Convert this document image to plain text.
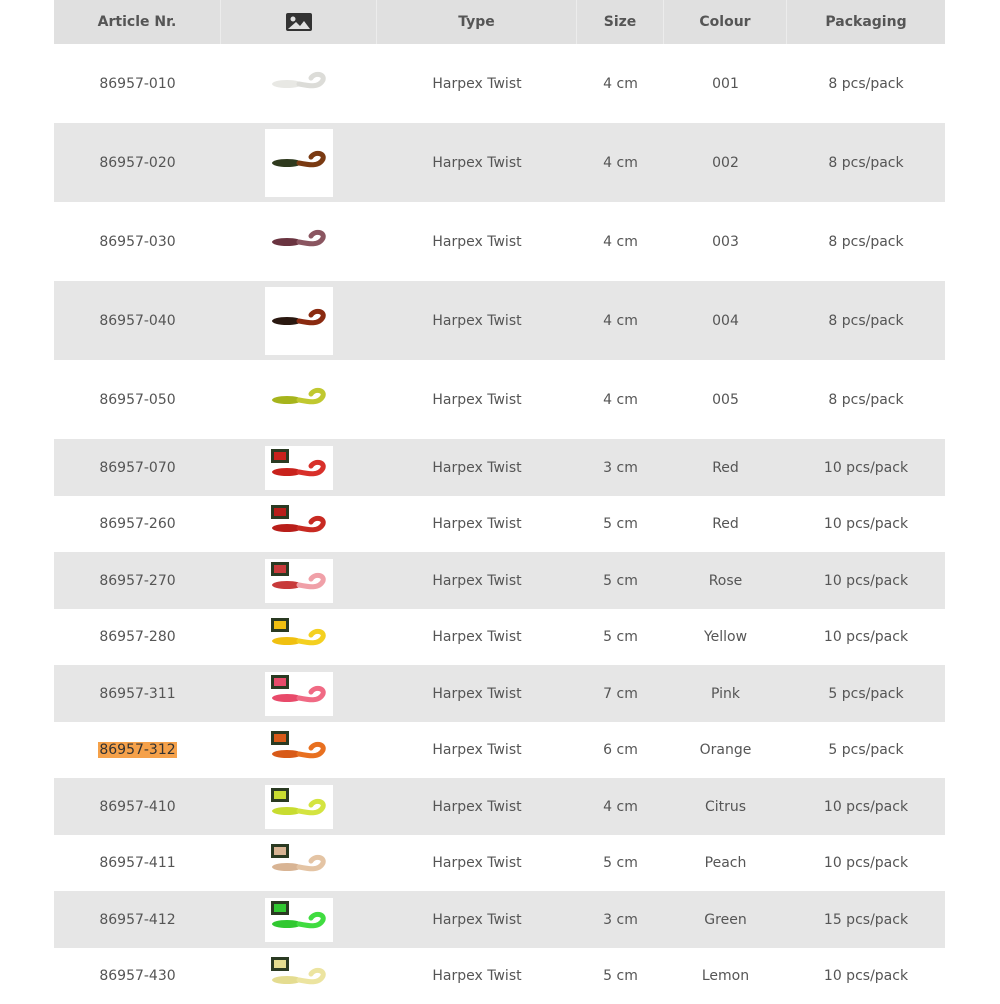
Article Nr.	Type	Size	Colour	Packaging
86957-010	Harpex Twist	4 cm	001	8 pcs/pack
86957-020	Harpex Twist	4 cm	002	8 pcs/pack
86957-030	Harpex Twist	4 cm	003	8 pcs/pack
86957-040	Harpex Twist	4 cm	004	8 pcs/pack
86957-050	Harpex Twist	4 cm	005	8 pcs/pack
86957-070	Harpex Twist	3 cm	Red	10 pcs/pack
86957-260	Harpex Twist	5 cm	Red	10 pcs/pack
86957-270	Harpex Twist	5 cm	Rose	10 pcs/pack
86957-280	Harpex Twist	5 cm	Yellow	10 pcs/pack
86957-311	Harpex Twist	7 cm	Pink	5 pcs/pack
86957-312	Harpex Twist	6 cm	Orange	5 pcs/pack
86957-410	Harpex Twist	4 cm	Citrus	10 pcs/pack
86957-411	Harpex Twist	5 cm	Peach	10 pcs/pack
86957-412	Harpex Twist	3 cm	Green	15 pcs/pack
86957-430	Harpex Twist	5 cm	Lemon	10 pcs/pack
